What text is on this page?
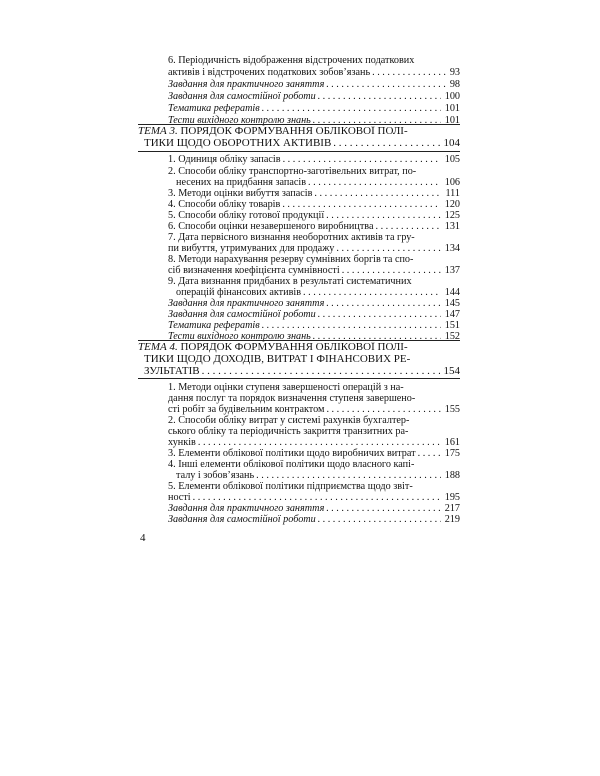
6. Періодичність відображення відстрочених податкових
активів і відстрочених податкових зобов’язань . . .	93
Завдання для практичного заняття . . .	98
Завдання для самостійної роботи . . .	100
Тематика рефератів . . .	101
Тести вихідного контролю знань . . .	101
ТЕМА 3. ПОРЯДОК ФОРМУВАННЯ ОБЛІКОВОЇ ПОЛІ-
ТИКИ ЩОДО ОБОРОТНИХ АКТИВІВ . . .	104
1. Одиниця обліку запасів . . .	105
2. Способи обліку транспортно-заготівельних витрат, по-
несених на придбання запасів . . .	106
3. Методи оцінки вибуття запасів . . .	111
4. Способи обліку товарів . . .	120
5. Способи обліку готової продукції . . .	125
6. Способи оцінки незавершеного виробництва . . .	131
7. Дата первісного визнання необоротних активів та гру-
пи вибуття, утримуваних для продажу . . .	134
8. Методи нарахування резерву сумнівних боргів та спо-
сіб визначення коефіцієнта сумнівності . . .	137
9. Дата визнання придбаних в результаті систематичних
операцій фінансових активів . . .	144
Завдання для практичного заняття . . .	145
Завдання для самостійної роботи . . .	147
Тематика рефератів . . .	151
Тести вихідного контролю знань . . .	152
ТЕМА 4. ПОРЯДОК ФОРМУВАННЯ ОБЛІКОВОЇ ПОЛІ-
ТИКИ ЩОДО ДОХОДІВ, ВИТРАТ І ФІНАНСОВИХ РЕ-
ЗУЛЬТАТІВ . . .	154
1. Методи оцінки ступеня завершеності операцій з на-
дання послуг та порядок визначення ступеня завершено-
сті робіт за будівельним контрактом . . .	155
2. Способи обліку витрат у системі рахунків бухгалтер-
ського обліку та періодичність закриття транзитних ра-
хунків . . .	161
3. Елементи облікової політики щодо виробничих витрат . . .	175
4. Інші елементи облікової політики щодо власного капі-
талу і зобов’язань . . .	188
5. Елементи облікової політики підприємства щодо звіт-
ності . . .	195
Завдання для практичного заняття . . .	217
Завдання для самостійної роботи . . .	219
4
